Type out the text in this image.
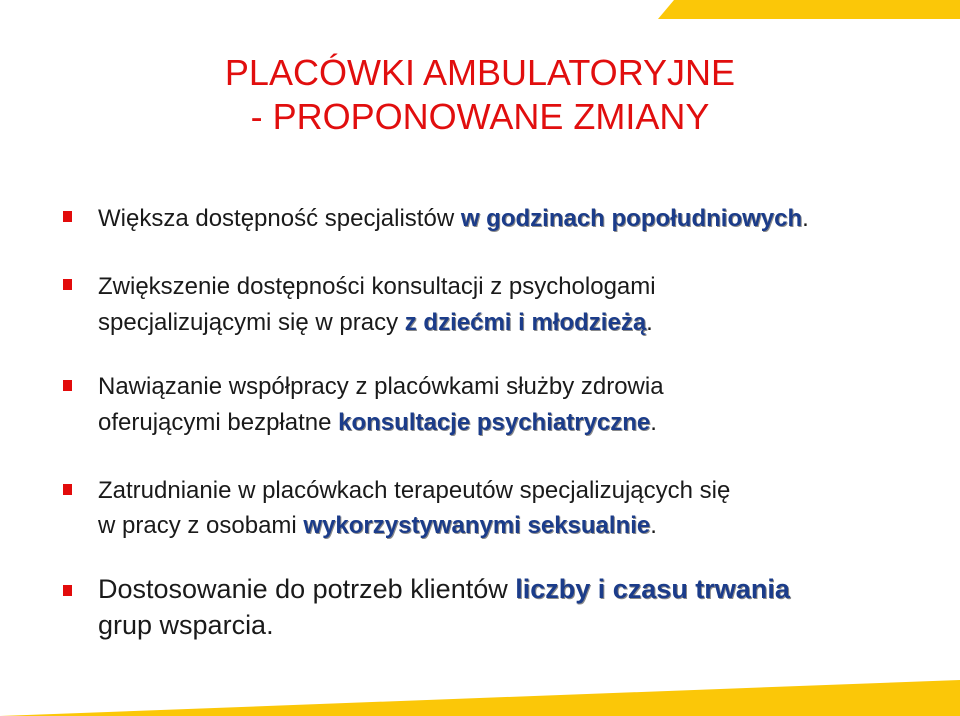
PLACÓWKI AMBULATORYJNE
- PROPONOWANE ZMIANY
Większa dostępność specjalistów w godzinach popołudniowych.
Zwiększenie dostępności konsultacji z psychologami
specjalizującymi się w pracy z dziećmi i młodzieżą.
Nawiązanie współpracy z placówkami służby zdrowia
oferującymi bezpłatne konsultacje psychiatryczne.
Zatrudnianie w placówkach terapeutów specjalizujących się
w pracy z osobami wykorzystywanymi seksualnie.
Dostosowanie do potrzeb klientów liczby i czasu trwania
grup wsparcia.
